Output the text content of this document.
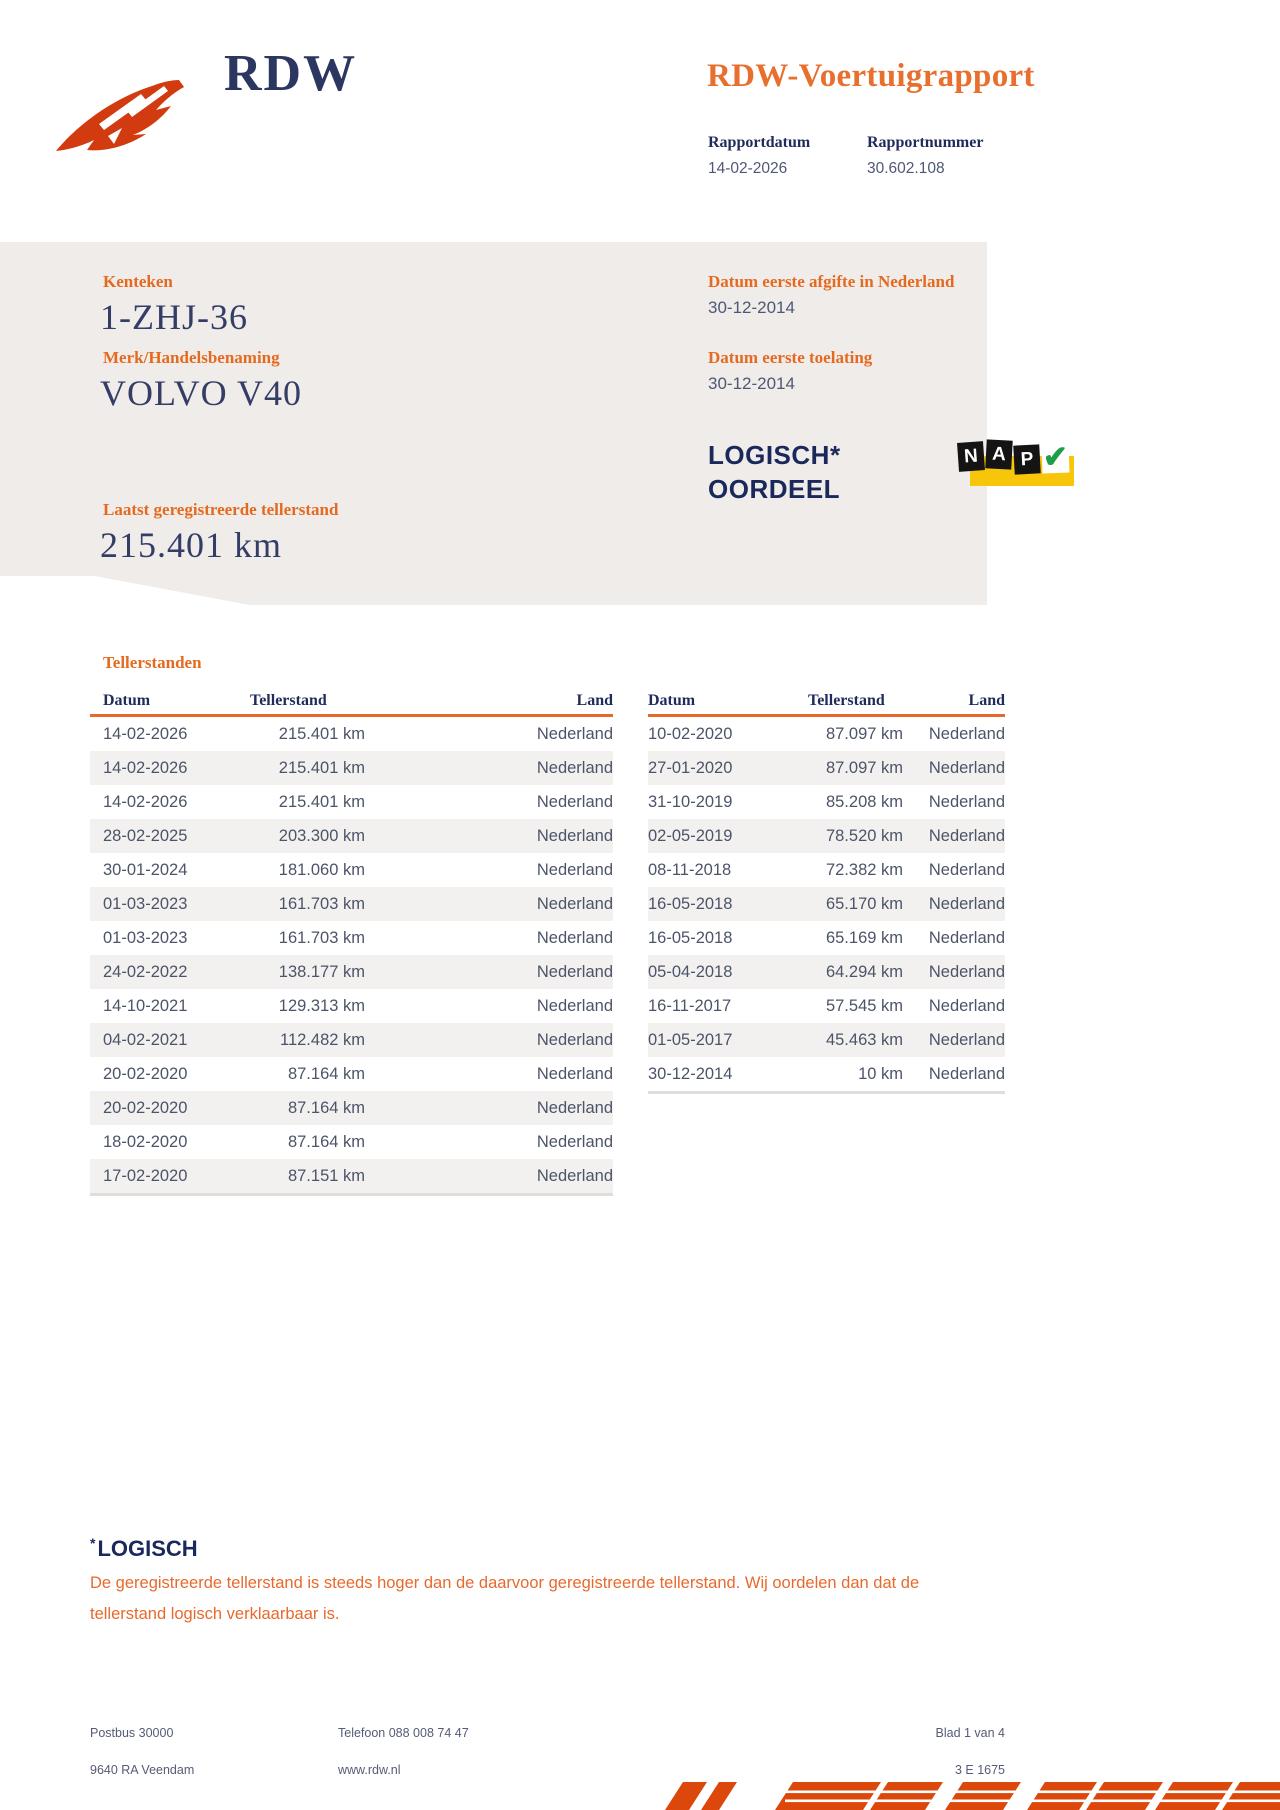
RDW	RDW-Voertuigrapport
Rapportdatum	Rapportnummer
14-02-2026	30.602.108
Kenteken
1-ZHJ-36
Merk/Handelsbenaming
VOLVO V40
Laatst geregistreerde tellerstand
215.401 km
Datum eerste afgifte in Nederland
30-12-2014
Datum eerste toelating
30-12-2014
LOGISCH*
OORDEEL
N A P ✔
Tellerstanden
Datum	Tellerstand	Land
14-02-2026	215.401 km	Nederland
14-02-2026	215.401 km	Nederland
14-02-2026	215.401 km	Nederland
28-02-2025	203.300 km	Nederland
30-01-2024	181.060 km	Nederland
01-03-2023	161.703 km	Nederland
01-03-2023	161.703 km	Nederland
24-02-2022	138.177 km	Nederland
14-10-2021	129.313 km	Nederland
04-02-2021	112.482 km	Nederland
20-02-2020	87.164 km	Nederland
20-02-2020	87.164 km	Nederland
18-02-2020	87.164 km	Nederland
17-02-2020	87.151 km	Nederland
Datum	Tellerstand	Land
10-02-2020	87.097 km	Nederland
27-01-2020	87.097 km	Nederland
31-10-2019	85.208 km	Nederland
02-05-2019	78.520 km	Nederland
08-11-2018	72.382 km	Nederland
16-05-2018	65.170 km	Nederland
16-05-2018	65.169 km	Nederland
05-04-2018	64.294 km	Nederland
16-11-2017	57.545 km	Nederland
01-05-2017	45.463 km	Nederland
30-12-2014	10 km	Nederland
*LOGISCH
De geregistreerde tellerstand is steeds hoger dan de daarvoor geregistreerde tellerstand. Wij oordelen dan dat de tellerstand logisch verklaarbaar is.
Postbus 30000
9640 RA Veendam
Telefoon 088 008 74 47
www.rdw.nl
Blad 1 van 4
3 E 1675
